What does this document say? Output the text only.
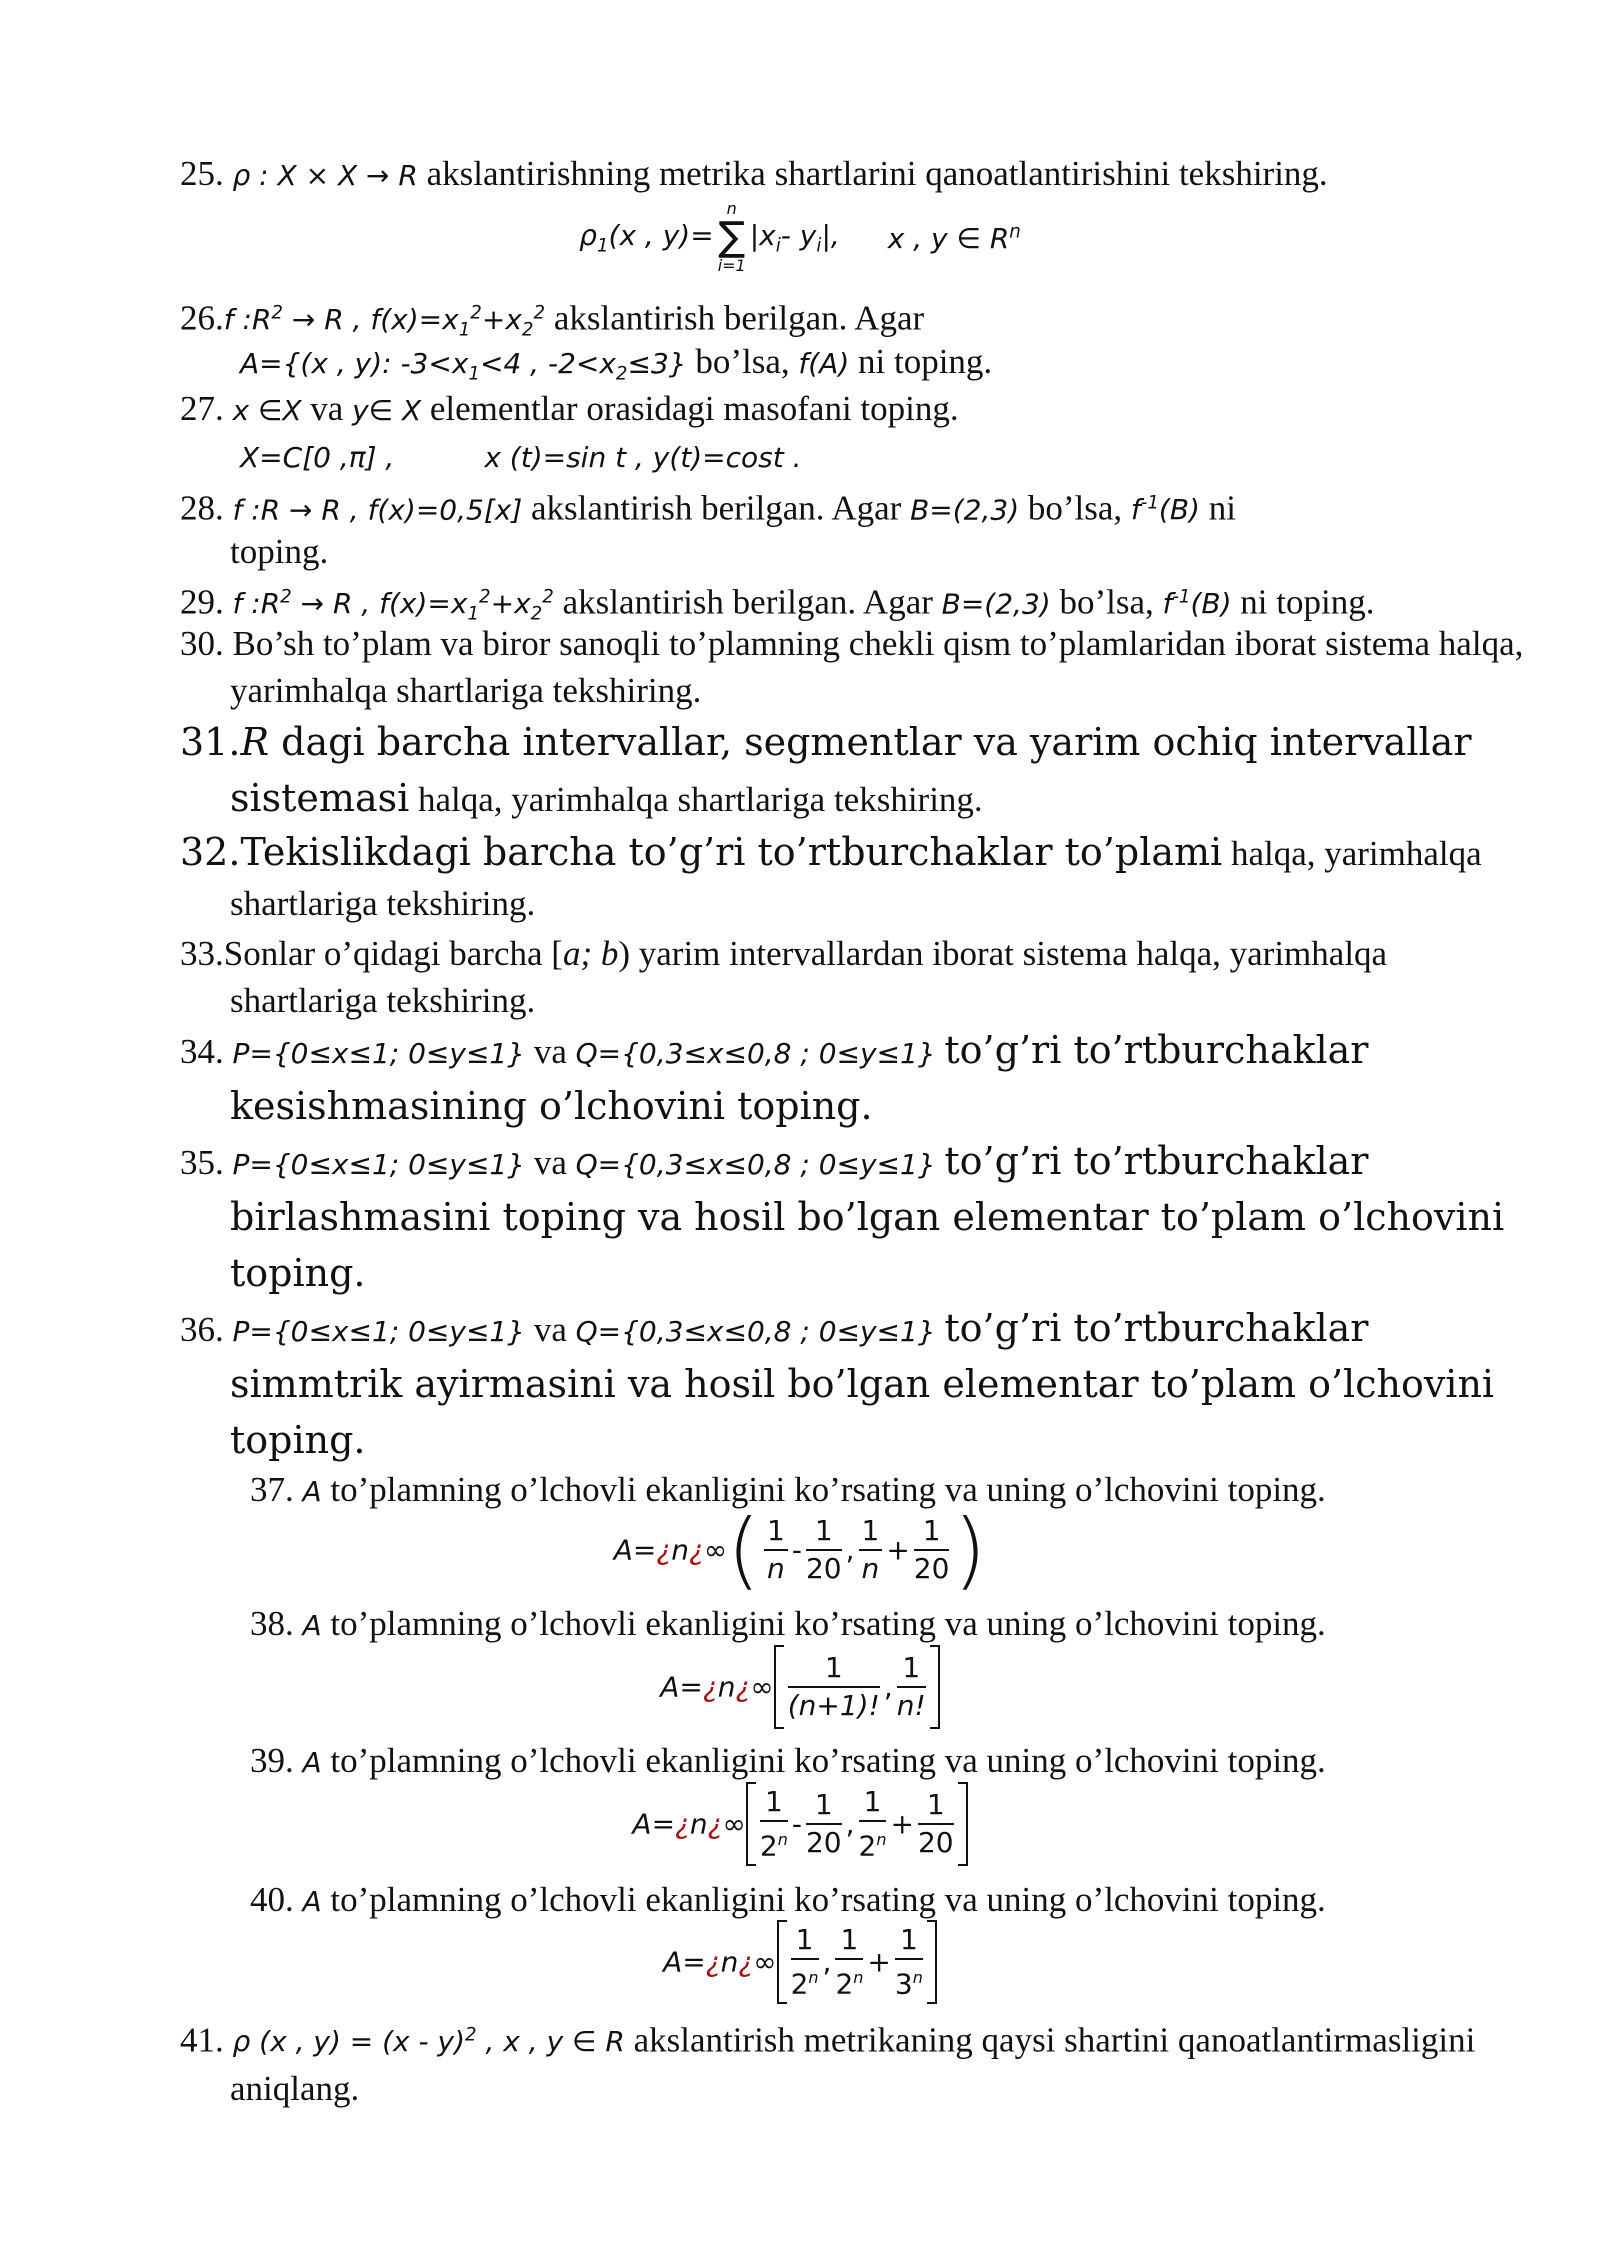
25. ρ : X × X → R akslantirishning metrika shartlarini qanoatlantirishini tekshiring.
$\rho_1(x$ , y)=
n
∑
i=1
$|x_i-$ $y_i|$, x , y ∈ $R^n$
26.f $:R^2 \to R$ , $f(x)=x_1^2+x_2^2$ akslantirish berilgan. Agar
A={(x , y): $-3<x_1<4$ , $-2<x_2\le 3$} bo’lsa, f(A) ni toping.
27. x ∈X va y∈ X elementlar orasidagi masofani toping.
X=C[0 ,π] ,	x (t)=sin t , y(t)=cost .
28. f :R → R , f(x)=0,5[x] akslantirish berilgan. Agar B=(2,3) bo’lsa, $f^{-1}(B)$ ni
toping.
29. f $:R^2 \to R$ , $f(x)=x_1^2+x_2^2$ akslantirish berilgan. Agar B=(2,3) bo’lsa, $f^{-1}(B)$ ni toping.
30. Bo’sh to’plam va biror sanoqli to’plamning chekli qism to’plamlaridan iborat sistema halqa, yarimhalqa shartlariga tekshiring.
31.R dagi barcha intervallar, segmentlar va yarim ochiq intervallar sistemasi halqa, yarimhalqa shartlariga tekshiring.
32.Tekislikdagi barcha to’g’ri to’rtburchaklar to’plami halqa, yarimhalqa shartlariga tekshiring.
33.Sonlar o’qidagi barcha [a; b) yarim intervallardan iborat sistema halqa, yarimhalqa shartlariga tekshiring.
34. P={0≤x≤1; 0≤y≤1} va Q={0,3≤x≤0,8 ; 0≤y≤1} to’g’ri to’rtburchaklar kesishmasining o’lchovini toping.
35. P={0≤x≤1; 0≤y≤1} va Q={0,3≤x≤0,8 ; 0≤y≤1} to’g’ri to’rtburchaklar birlashmasini toping va hosil bo’lgan elementar to’plam o’lchovini toping.
36. P={0≤x≤1; 0≤y≤1} va Q={0,3≤x≤0,8 ; 0≤y≤1} to’g’ri to’rtburchaklar simmtrik ayirmasini va hosil bo’lgan elementar to’plam o’lchovini toping.
37. A to’plamning o’lchovli ekanligini ko’rsating va uning o’lchovini toping.
A=¿n¿∞( $\frac{1}{n} - \frac{1}{20}$ , $\frac{1}{n} + \frac{1}{20}$ )
38. A to’plamning o’lchovli ekanligini ko’rsating va uning o’lchovini toping.
A=¿n¿∞ $\frac{1}{(n+1)!}$ , $\frac{1}{n!}$
39. A to’plamning o’lchovli ekanligini ko’rsating va uning o’lchovini toping.
A=¿n¿∞ $\frac{1}{2^n} - \frac{1}{20}$ , $\frac{1}{2^n} + \frac{1}{20}$
40. A to’plamning o’lchovli ekanligini ko’rsating va uning o’lchovini toping.
A=¿n¿∞ $\frac{1}{2^n}$ , $\frac{1}{2^n} + \frac{1}{3^n}$
41. ρ (x , y) = (x - y)$^2$ , x , y ∈ R akslantirish metrikaning qaysi shartini qanoatlantirmasligini aniqlang.
